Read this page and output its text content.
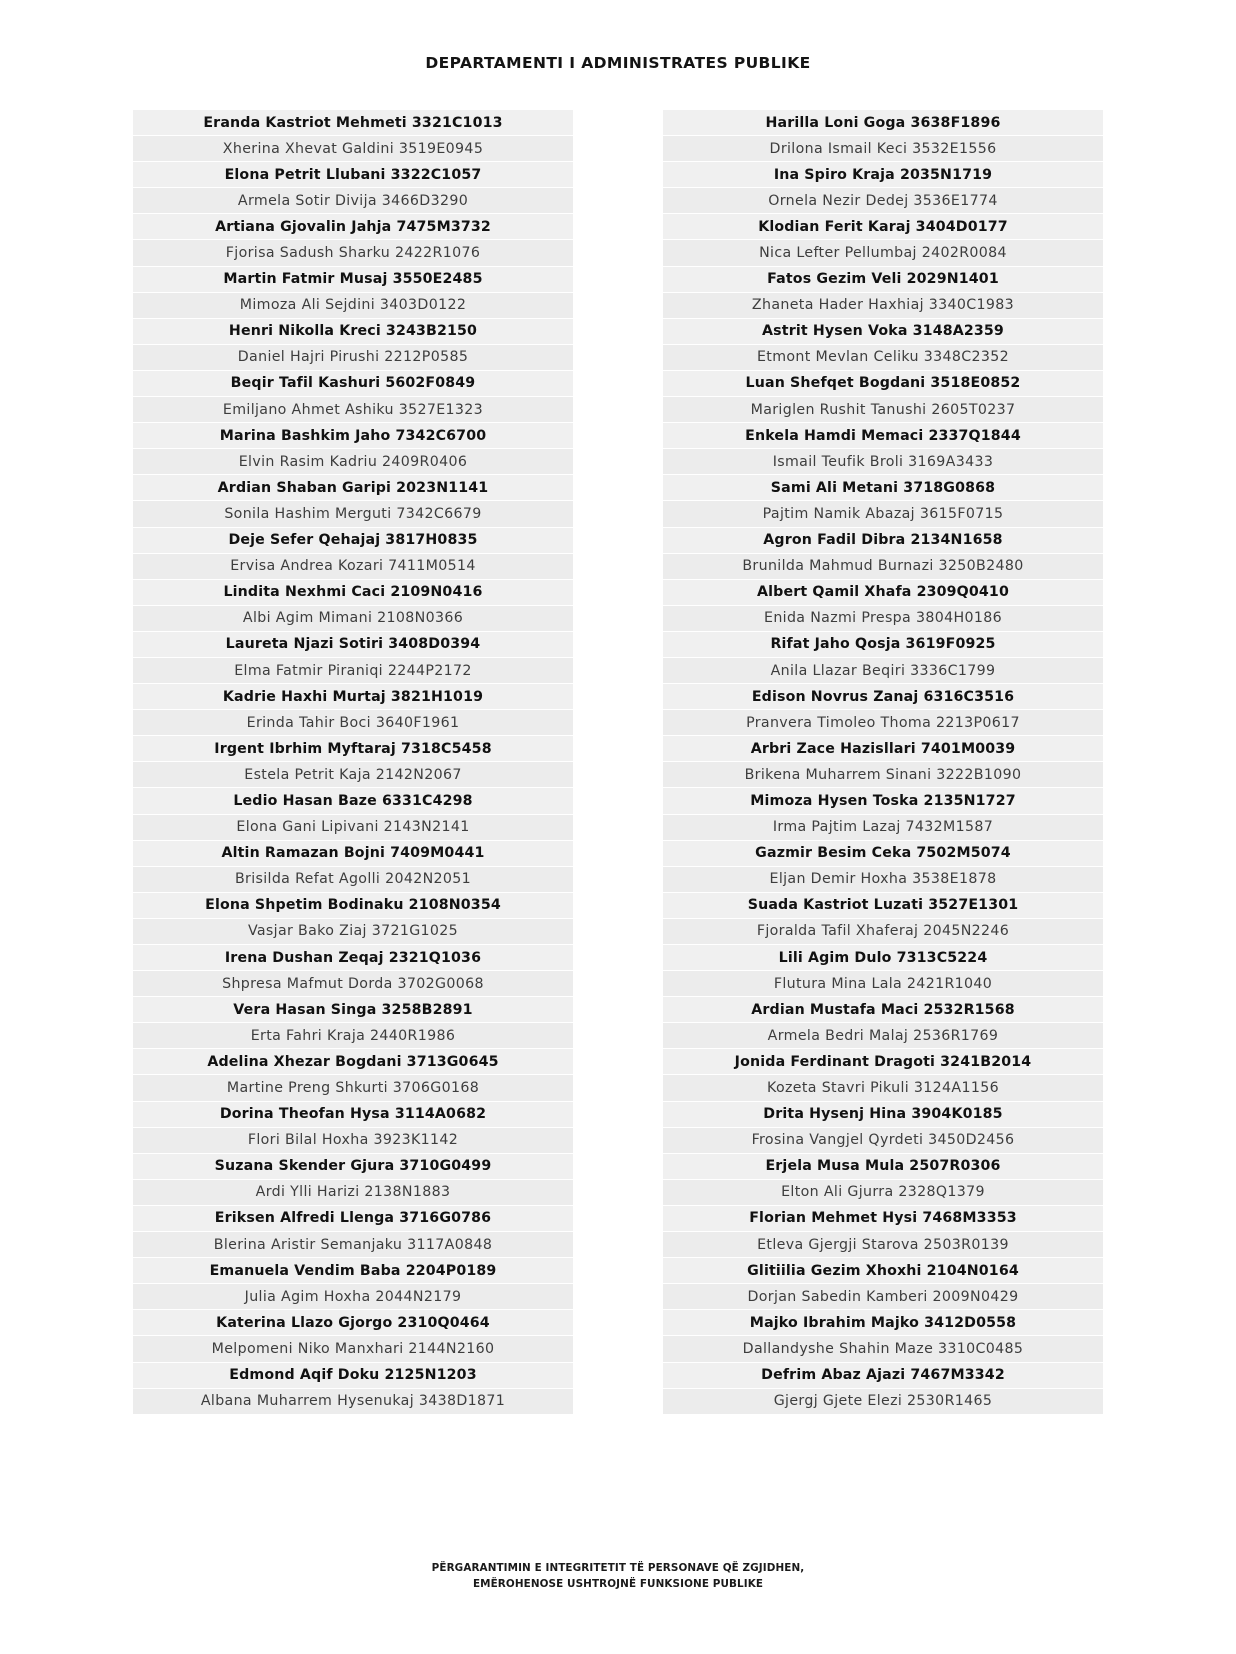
DEPARTAMENTI I ADMINISTRATES PUBLIKE
Eranda Kastriot Mehmeti 3321C1013
Xherina Xhevat Galdini 3519E0945
Elona Petrit Llubani 3322C1057
Armela Sotir Divija 3466D3290
Artiana Gjovalin Jahja 7475M3732
Fjorisa Sadush Sharku 2422R1076
Martin Fatmir Musaj 3550E2485
Mimoza Ali Sejdini 3403D0122
Henri Nikolla Kreci 3243B2150
Daniel Hajri Pirushi 2212P0585
Beqir Tafil Kashuri 5602F0849
Emiljano Ahmet Ashiku 3527E1323
Marina Bashkim Jaho 7342C6700
Elvin Rasim Kadriu 2409R0406
Ardian Shaban Garipi 2023N1141
Sonila Hashim Merguti 7342C6679
Deje Sefer Qehajaj 3817H0835
Ervisa Andrea Kozari 7411M0514
Lindita Nexhmi Caci 2109N0416
Albi Agim Mimani 2108N0366
Laureta Njazi Sotiri 3408D0394
Elma Fatmir Piraniqi 2244P2172
Kadrie Haxhi Murtaj 3821H1019
Erinda Tahir Boci 3640F1961
Irgent Ibrhim Myftaraj 7318C5458
Estela Petrit Kaja 2142N2067
Ledio Hasan Baze 6331C4298
Elona Gani Lipivani 2143N2141
Altin Ramazan Bojni 7409M0441
Brisilda Refat Agolli 2042N2051
Elona Shpetim Bodinaku 2108N0354
Vasjar Bako Ziaj 3721G1025
Irena Dushan Zeqaj 2321Q1036
Shpresa Mafmut Dorda 3702G0068
Vera Hasan Singa 3258B2891
Erta Fahri Kraja 2440R1986
Adelina Xhezar Bogdani 3713G0645
Martine Preng Shkurti 3706G0168
Dorina Theofan Hysa 3114A0682
Flori Bilal Hoxha 3923K1142
Suzana Skender Gjura 3710G0499
Ardi Ylli Harizi 2138N1883
Eriksen Alfredi Llenga 3716G0786
Blerina Aristir Semanjaku 3117A0848
Emanuela Vendim Baba 2204P0189
Julia Agim Hoxha 2044N2179
Katerina Llazo Gjorgo 2310Q0464
Melpomeni Niko Manxhari 2144N2160
Edmond Aqif Doku 2125N1203
Albana Muharrem Hysenukaj 3438D1871
Harilla Loni Goga 3638F1896
Drilona Ismail Keci 3532E1556
Ina Spiro Kraja 2035N1719
Ornela Nezir Dedej 3536E1774
Klodian Ferit Karaj 3404D0177
Nica Lefter Pellumbaj 2402R0084
Fatos Gezim Veli 2029N1401
Zhaneta Hader Haxhiaj 3340C1983
Astrit Hysen Voka 3148A2359
Etmont Mevlan Celiku 3348C2352
Luan Shefqet Bogdani 3518E0852
Mariglen Rushit Tanushi 2605T0237
Enkela Hamdi Memaci 2337Q1844
Ismail Teufik Broli 3169A3433
Sami Ali Metani 3718G0868
Pajtim Namik Abazaj 3615F0715
Agron Fadil Dibra 2134N1658
Brunilda Mahmud Burnazi 3250B2480
Albert Qamil Xhafa 2309Q0410
Enida Nazmi Prespa 3804H0186
Rifat Jaho Qosja 3619F0925
Anila Llazar Beqiri 3336C1799
Edison Novrus Zanaj 6316C3516
Pranvera Timoleo Thoma 2213P0617
Arbri Zace Hazisllari 7401M0039
Brikena Muharrem Sinani 3222B1090
Mimoza Hysen Toska 2135N1727
Irma Pajtim Lazaj 7432M1587
Gazmir Besim Ceka 7502M5074
Eljan Demir Hoxha 3538E1878
Suada Kastriot Luzati 3527E1301
Fjoralda Tafil Xhaferaj 2045N2246
Lili Agim Dulo 7313C5224
Flutura Mina Lala 2421R1040
Ardian Mustafa Maci 2532R1568
Armela Bedri Malaj 2536R1769
Jonida Ferdinant Dragoti 3241B2014
Kozeta Stavri Pikuli 3124A1156
Drita Hysenj Hina 3904K0185
Frosina Vangjel Qyrdeti 3450D2456
Erjela Musa Mula 2507R0306
Elton Ali Gjurra 2328Q1379
Florian Mehmet Hysi 7468M3353
Etleva Gjergji Starova 2503R0139
Glitiilia Gezim Xhoxhi 2104N0164
Dorjan Sabedin Kamberi 2009N0429
Majko Ibrahim Majko 3412D0558
Dallandyshe Shahin Maze 3310C0485
Defrim Abaz Ajazi 7467M3342
Gjergj Gjete Elezi 2530R1465
PËRGARANTIMIN E INTEGRITETIT TË PERSONAVE QË ZGJIDHEN,
EMËROHENOSE USHTROJNË FUNKSIONE PUBLIKE
